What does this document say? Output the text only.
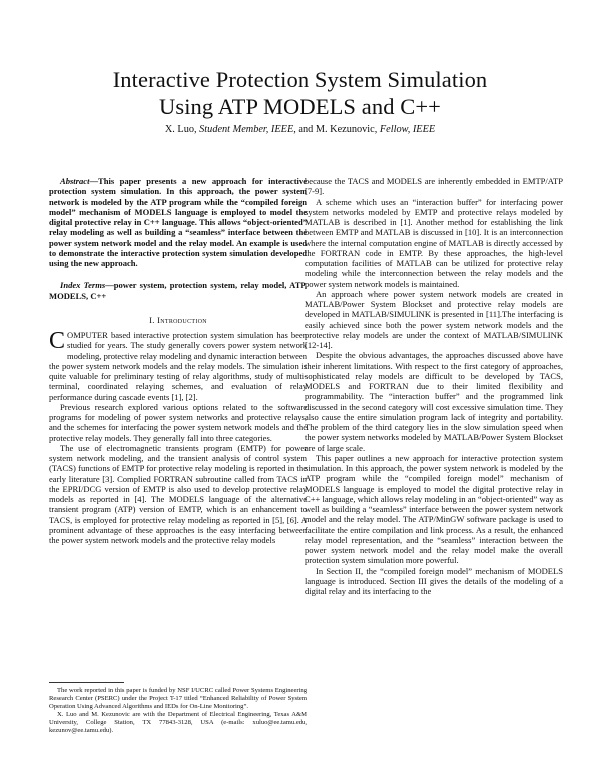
Interactive Protection System Simulation
Using ATP MODELS and C++
X. Luo, Student Member, IEEE, and M. Kezunovic, Fellow, IEEE

Abstract—This paper presents a new approach for interactive protection system simulation. In this approach, the power system network is modeled by the ATP program while the “compiled foreign model” mechanism of MODELS language is employed to model the digital protective relay in C++ language. This allows “object-oriented” relay modeling as well as building a “seamless” interface between the power system network model and the relay model. An example is used to demonstrate the interactive protection system simulation developed using the new approach.

Index Terms—power system, protection system, relay model, ATP, MODELS, C++

I. Introduction

COMPUTER based interactive protection system simulation has been studied for years. The study generally covers power system network modeling, protective relay modeling and dynamic interaction between the power system network models and the relay models. The simulation is quite valuable for preliminary testing of relay algorithms, study of multi-terminal, coordinated relaying schemes, and evaluation of relay performance during cascade events [1], [2].

Previous research explored various options related to the software programs for modeling of power system networks and protective relays, and the schemes for interfacing the power system network models and the protective relay models. They generally fall into three categories.

The use of electromagnetic transients program (EMTP) for power system network modeling, and the transient analysis of control system (TACS) functions of EMTP for protective relay modeling is reported in the early literature [3]. Complied FORTRAN subroutine called from TACS in the EPRI/DCG version of EMTP is also used to develop protective relay models as reported in [4]. The MODELS language of the alternative transient program (ATP) version of EMTP, which is an enhancement to TACS, is employed for protective relay modeling as reported in [5], [6]. A prominent advantage of these approaches is the easy interfacing between the power system network models and the protective relay models

because the TACS and MODELS are inherently embedded in EMTP/ATP [7-9].

A scheme which uses an “interaction buffer” for interfacing power system networks modeled by EMTP and protective relays modeled by MATLAB is described in [1]. Another method for establishing the link between EMTP and MATLAB is discussed in [10]. It is an interconnection where the internal computation engine of MATLAB is directly accessed by the FORTRAN code in EMTP. By these approaches, the high-level computation facilities of MATLAB can be utilized for protective relay modeling while the interconnection between the relay models and the power system network models is maintained.

An approach where power system network models are created in MATLAB/Power System Blockset and protective relay models are developed in MATLAB/SIMULINK is presented in [11].The interfacing is easily achieved since both the power system network models and the protective relay models are under the context of MATLAB/SIMULINK [12-14].

Despite the obvious advantages, the approaches discussed above have their inherent limitations. With respect to the first category of approaches, sophisticated relay models are difficult to be developed by TACS, MODELS and FORTRAN due to their limited flexibility and programmability. The “interaction buffer” and the programmed link discussed in the second category will cost excessive simulation time. They also cause the entire simulation program lack of integrity and portability. The problem of the third category lies in the slow simulation speed when the power system networks modeled by MATLAB/Power System Blockset are of large scale.

This paper outlines a new approach for interactive protection system simulation. In this approach, the power system network is modeled by the ATP program while the “compiled foreign model” mechanism of MODELS language is employed to model the digital protective relay in C++ language, which allows relay modeling in an “object-oriented” way as well as building a “seamless” interface between the power system network model and the relay model. The ATP/MinGW software package is used to facilitate the entire compilation and link process. As a result, the enhanced relay model representation, and the “seamless” interaction between the power system network model and the relay model make the overall protection system simulation more powerful.

In Section II, the “compiled foreign model” mechanism of MODELS language is introduced. Section III gives the details of the modeling of a digital relay and its interfacing to the

The work reported in this paper is funded by NSF I/UCRC called Power Systems Engineering Research Center (PSERC) under the Project T-17 titled “Enhanced Reliability of Power System Operation Using Advanced Algorithms and IEDs for On-Line Monitoring”.

X. Luo and M. Kezunovic are with the Department of Electrical Engineering, Texas A&M University, College Station, TX 77843-3128, USA (e-mails: xuluo@ee.tamu.edu, kezunov@ee.tamu.edu).
